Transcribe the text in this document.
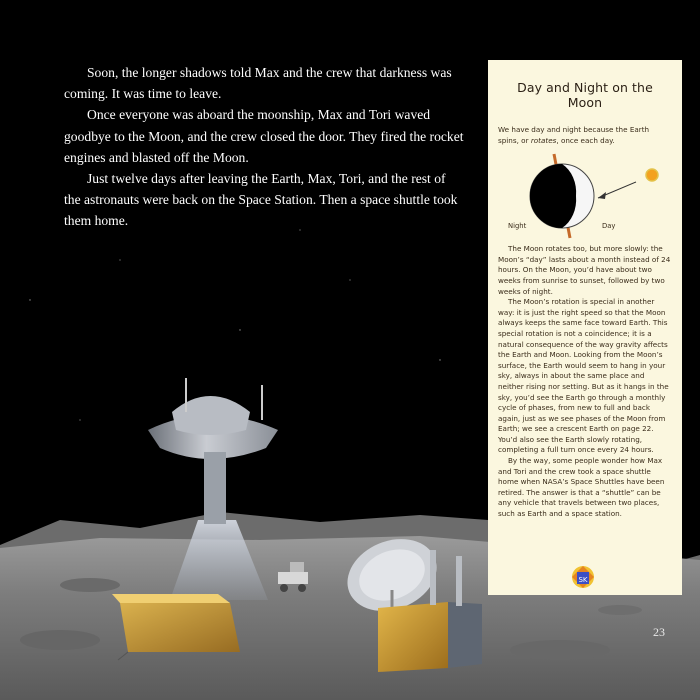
Soon, the longer shadows told Max and the crew that darkness was coming. It was time to leave.

Once everyone was aboard the moonship, Max and Tori waved goodbye to the Moon, and the crew closed the door. They fired the rocket engines and blasted off the Moon.

Just twelve days after leaving the Earth, Max, Tori, and the rest of the astronauts were back on the Space Station. Then a space shuttle took them home.

Day and Night on the Moon
We have day and night because the Earth spins, or rotates, once each day.
Night	Day

The Moon rotates too, but more slowly: the Moon’s “day” lasts about a month instead of 24 hours. On the Moon, you’d have about two weeks from sunrise to sunset, followed by two weeks of night.

The Moon’s rotation is special in another way: it is just the right speed so that the Moon always keeps the same face toward Earth. This special rotation is not a coincidence; it is a natural consequence of the way gravity affects the Earth and Moon. Looking from the Moon’s surface, the Earth would seem to hang in your sky, always in about the same place and neither rising nor setting. But as it hangs in the sky, you’d see the Earth go through a monthly cycle of phases, from new to full and back again, just as we see phases of the Moon from Earth; we see a crescent Earth on page 22. You’d also see the Earth slowly rotating, completing a full turn once every 24 hours.

By the way, some people wonder how Max and Tori and the crew took a space shuttle home when NASA’s Space Shuttles have been retired. The answer is that a “shuttle” can be any vehicle that travels between two places, such as Earth and a space station.

SK
23
